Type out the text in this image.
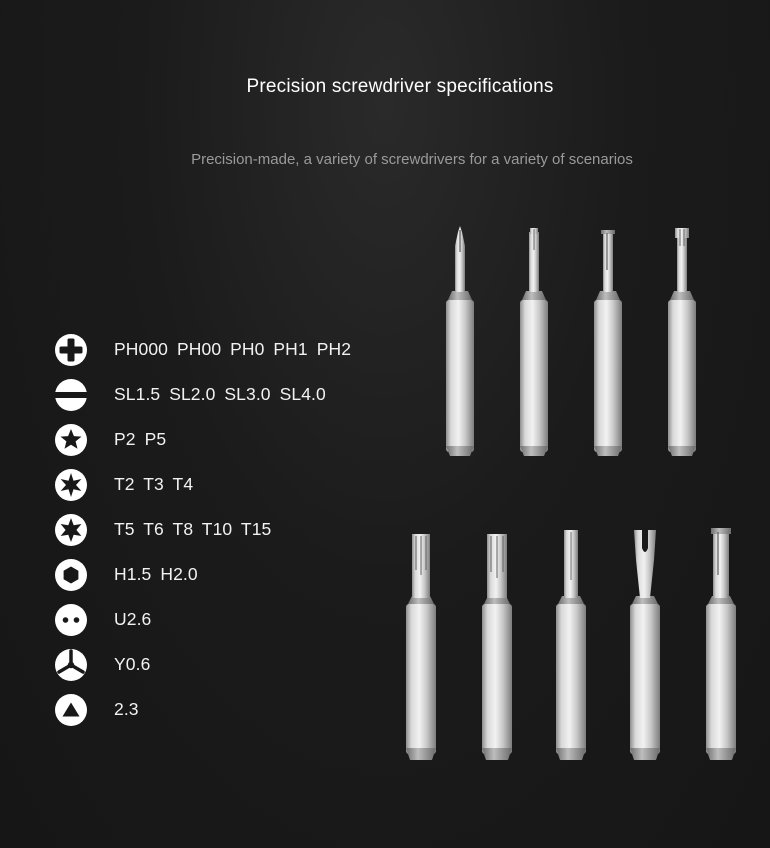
Precision screwdriver specifications
Precision-made, a variety of screwdrivers for a variety of scenarios
PH000 PH00 PH0 PH1 PH2
SL1.5 SL2.0 SL3.0 SL4.0
P2 P5
T2 T3 T4
T5 T6 T8 T10 T15
H1.5 H2.0
U2.6
Y0.6
2.3
